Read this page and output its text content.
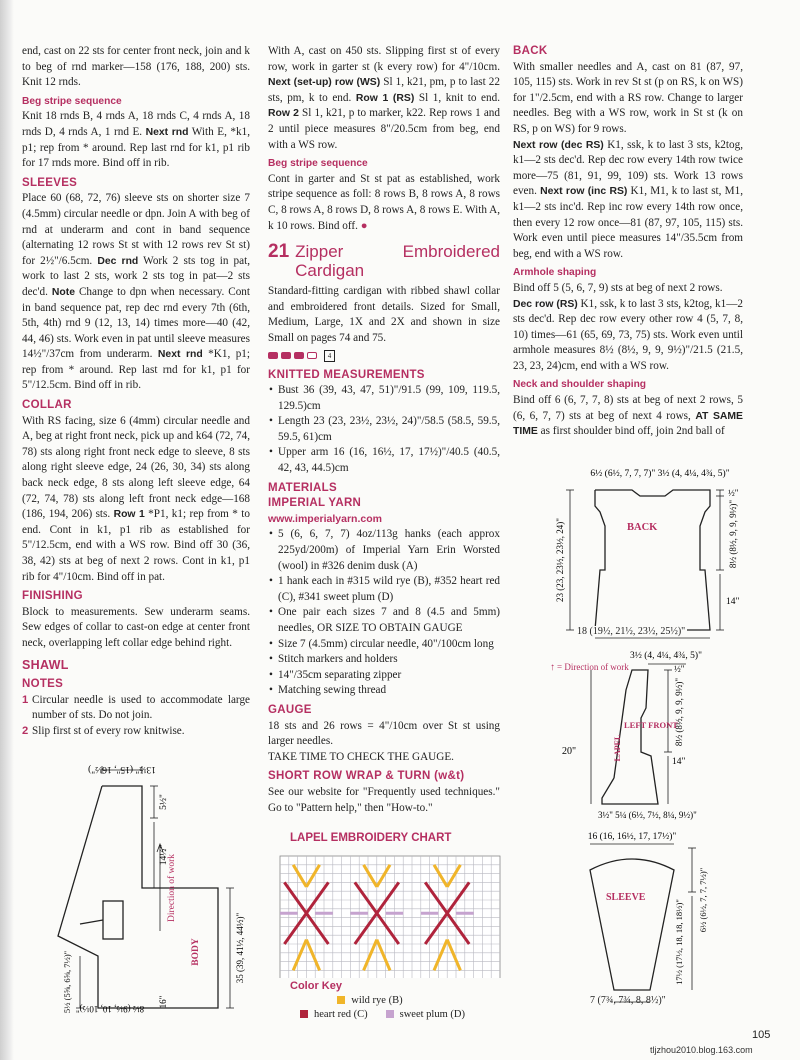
end, cast on 22 sts for center front neck, join and k to beg of rnd marker—158 (176, 188, 200) sts. Knit 12 rnds.

Beg stripe sequence

Knit 18 rnds B, 4 rnds A, 18 rnds C, 4 rnds A, 18 rnds D, 4 rnds A, 1 rnd E. Next rnd With E, *k1, p1; rep from * around. Rep last rnd for k1, p1 rib for 17 rnds more. Bind off in rib.

SLEEVES

Place 60 (68, 72, 76) sleeve sts on shorter size 7 (4.5mm) circular needle or dpn. Join A with beg of rnd at underarm and cont in band sequence (alternating 12 rows St st with 12 rows rev St st) for 2½"/6.5cm. Dec rnd Work 2 sts tog in pat, work to last 2 sts, work 2 sts tog in pat—2 sts dec'd. Note Change to dpn when necessary. Cont in band sequence pat, rep dec rnd every 7th (6th, 5th, 4th) rnd 9 (12, 13, 14) times more—40 (42, 44, 46) sts. Work even in pat until sleeve measures 14½"/37cm from underarm. Next rnd *K1, p1; rep from * around. Rep last rnd for k1, p1 for 5"/12.5cm. Bind off in rib.

COLLAR

With RS facing, size 6 (4mm) circular needle and A, beg at right front neck, pick up and k64 (72, 74, 78) sts along right front neck edge to sleeve, 8 sts along right sleeve edge, 24 (26, 30, 34) sts along back neck edge, 8 sts along left sleeve edge, 64 (72, 74, 78) sts along left front neck edge—168 (186, 194, 206) sts. Row 1 *P1, k1; rep from * to end. Cont in k1, p1 rib as established for 5"/12.5cm, end with a WS row. Bind off 30 (36, 38, 42) sts at beg of next 2 rows. Cont in k1, p1 rib for 4"/10cm. Bind off in pat.

FINISHING

Block to measurements. Sew underarm seams. Sew edges of collar to cast-on edge at center front neck, overlapping left collar edge behind right.

SHAWL
NOTES
1 Circular needle is used to accommodate large number of sts. Do not join.
2 Slip first st of every row knitwise.
13½" (15", 16½")
5½"
14½"
Direction of work
BODY
5½ (5⅝, 6⅝, 7½)"	35 (39, 41½, 44½)"
8½ (9½, 10, 10½)"
16"

With A, cast on 450 sts. Slipping first st of every row, work in garter st (k every row) for 4"/10cm. Next (set-up) row (WS) Sl 1, k21, pm, p to last 22 sts, pm, k to end. Row 1 (RS) Sl 1, knit to end. Row 2 Sl 1, k21, p to marker, k22. Rep rows 1 and 2 until piece measures 8"/20.5cm from beg, end with a WS row.

Beg stripe sequence

Cont in garter and St st pat as established, work stripe sequence as foll: 8 rows B, 8 rows A, 8 rows C, 8 rows A, 8 rows D, 8 rows A, 8 rows E. With A, k 10 rows. Bind off. ●

21 Zipper Embroidered Cardigan

Standard-fitting cardigan with ribbed shawl collar and embroidered front details. Sized for Small, Medium, Large, 1X and 2X and shown in size Small on pages 74 and 75.

4
KNITTED MEASUREMENTS
• Bust 36 (39, 43, 47, 51)"/91.5 (99, 109, 119.5, 129.5)cm
• Length 23 (23, 23½, 23½, 24)"/58.5 (58.5, 59.5, 59.5, 61)cm
• Upper arm 16 (16, 16½, 17, 17½)"/40.5 (40.5, 42, 43, 44.5)cm
MATERIALS
IMPERIAL YARN
www.imperialyarn.com
• 5 (6, 6, 7, 7) 4oz/113g hanks (each approx 225yd/200m) of Imperial Yarn Erin Worsted (wool) in #326 denim dusk (A)
• 1 hank each in #315 wild rye (B), #352 heart red (C), #341 sweet plum (D)
• One pair each sizes 7 and 8 (4.5 and 5mm) needles, OR SIZE TO OBTAIN GAUGE
• Size 7 (4.5mm) circular needle, 40"/100cm long
• Stitch markers and holders
• 14"/35cm separating zipper
• Matching sewing thread
GAUGE

18 sts and 26 rows = 4"/10cm over St st using larger needles.

TAKE TIME TO CHECK THE GAUGE.

SHORT ROW WRAP & TURN (w&t)

See our website for "Frequently used techniques." Go to "Pattern help," then "How-to."

LAPEL EMBROIDERY CHART
Color Key
wild rye (B)
heart red (C)	sweet plum (D)
BACK

With smaller needles and A, cast on 81 (87, 97, 105, 115) sts. Work in rev St st (p on RS, k on WS) for 1"/2.5cm, end with a RS row. Change to larger needles. Beg with a WS row, work in St st (k on RS, p on WS) for 9 rows.
Next row (dec RS) K1, ssk, k to last 3 sts, k2tog, k1—2 sts dec'd. Rep dec row every 14th row twice more—75 (81, 91, 99, 109) sts. Work 13 rows even. Next row (inc RS) K1, M1, k to last st, M1, k1—2 sts inc'd. Rep inc row every 14th row once, then every 12 row once—81 (87, 97, 105, 115) sts. Work even until piece measures 14"/35.5cm from beg, end with a WS row.

Armhole shaping

Bind off 5 (5, 6, 7, 9) sts at beg of next 2 rows.
Dec row (RS) K1, ssk, k to last 3 sts, k2tog, k1—2 sts dec'd. Rep dec row every other row 4 (5, 7, 8, 10) times—61 (65, 69, 73, 75) sts. Work even until armhole measures 8½ (8½, 9, 9, 9½)"/21.5 (21.5, 23, 23, 24)cm, end with a WS row.

Neck and shoulder shaping

Bind off 6 (6, 7, 7, 8) sts at beg of next 2 rows, 5 (6, 6, 7, 7) sts at beg of next 4 rows, AT SAME TIME as first shoulder bind off, join 2nd ball of

6½ (6½, 7, 7, 7)" 3½ (4, 4¼, 4¾, 5)"
BACK
23 (23, 23½, 23½, 24)"
½"
8½ (8½, 9, 9, 9½)"
14"
18 (19½, 21½, 23½, 25½)"
3½ (4, 4¼, 4¾, 5)"
↑ = Direction of work	½"
8½ (8½, 9, 9, 9½)"
LEFT FRONT
LAPEL
20"
14"
3½" 5¼ (6½, 7½, 8¼, 9½)"
16 (16, 16½, 17, 17½)"
SLEEVE	6½ (6½, 7, 7, 7½)"
17½ (17½, 18, 18, 18½)"
7 (7¾, 7¾, 8, 8½)"
105
tljzhou2010.blog.163.com
